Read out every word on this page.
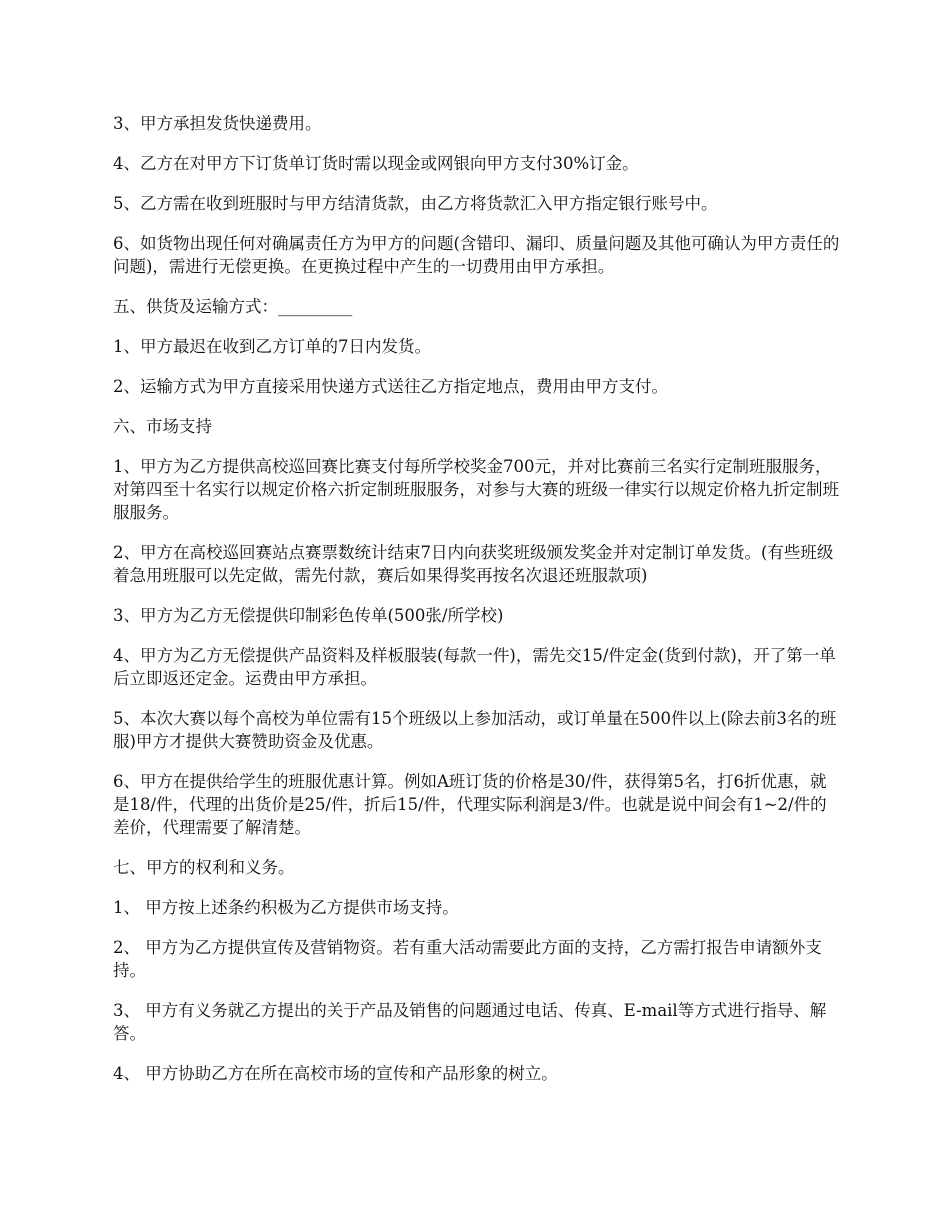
3、甲方承担发货快递费用。

4、乙方在对甲方下订货单订货时需以现金或网银向甲方支付30%订金。

5、乙方需在收到班服时与甲方结清货款，由乙方将货款汇入甲方指定银行账号中。

6、如货物出现任何对确属责任方为甲方的问题(含错印、漏印、质量问题及其他可确认为甲方责任的问题)，需进行无偿更换。在更换过程中产生的一切费用由甲方承担。

五、供货及运输方式：_________

1、甲方最迟在收到乙方订单的7日内发货。

2、运输方式为甲方直接采用快递方式送往乙方指定地点，费用由甲方支付。

六、市场支持

1、甲方为乙方提供高校巡回赛比赛支付每所学校奖金700元，并对比赛前三名实行定制班服服务，对第四至十名实行以规定价格六折定制班服服务，对参与大赛的班级一律实行以规定价格九折定制班服服务。

2、甲方在高校巡回赛站点赛票数统计结束7日内向获奖班级颁发奖金并对定制订单发货。(有些班级着急用班服可以先定做，需先付款，赛后如果得奖再按名次退还班服款项)

3、甲方为乙方无偿提供印制彩色传单(500张/所学校)

4、甲方为乙方无偿提供产品资料及样板服装(每款一件)，需先交15/件定金(货到付款)，开了第一单后立即返还定金。运费由甲方承担。

5、本次大赛以每个高校为单位需有15个班级以上参加活动，或订单量在500件以上(除去前3名的班服)甲方才提供大赛赞助资金及优惠。

6、甲方在提供给学生的班服优惠计算。例如A班订货的价格是30/件，获得第5名，打6折优惠，就是18/件，代理的出货价是25/件，折后15/件，代理实际利润是3/件。也就是说中间会有1~2/件的差价，代理需要了解清楚。

七、甲方的权利和义务。

1、 甲方按上述条约积极为乙方提供市场支持。

2、 甲方为乙方提供宣传及营销物资。若有重大活动需要此方面的支持，乙方需打报告申请额外支持。

3、 甲方有义务就乙方提出的关于产品及销售的问题通过电话、传真、E-mail等方式进行指导、解答。

4、 甲方协助乙方在所在高校市场的宣传和产品形象的树立。
